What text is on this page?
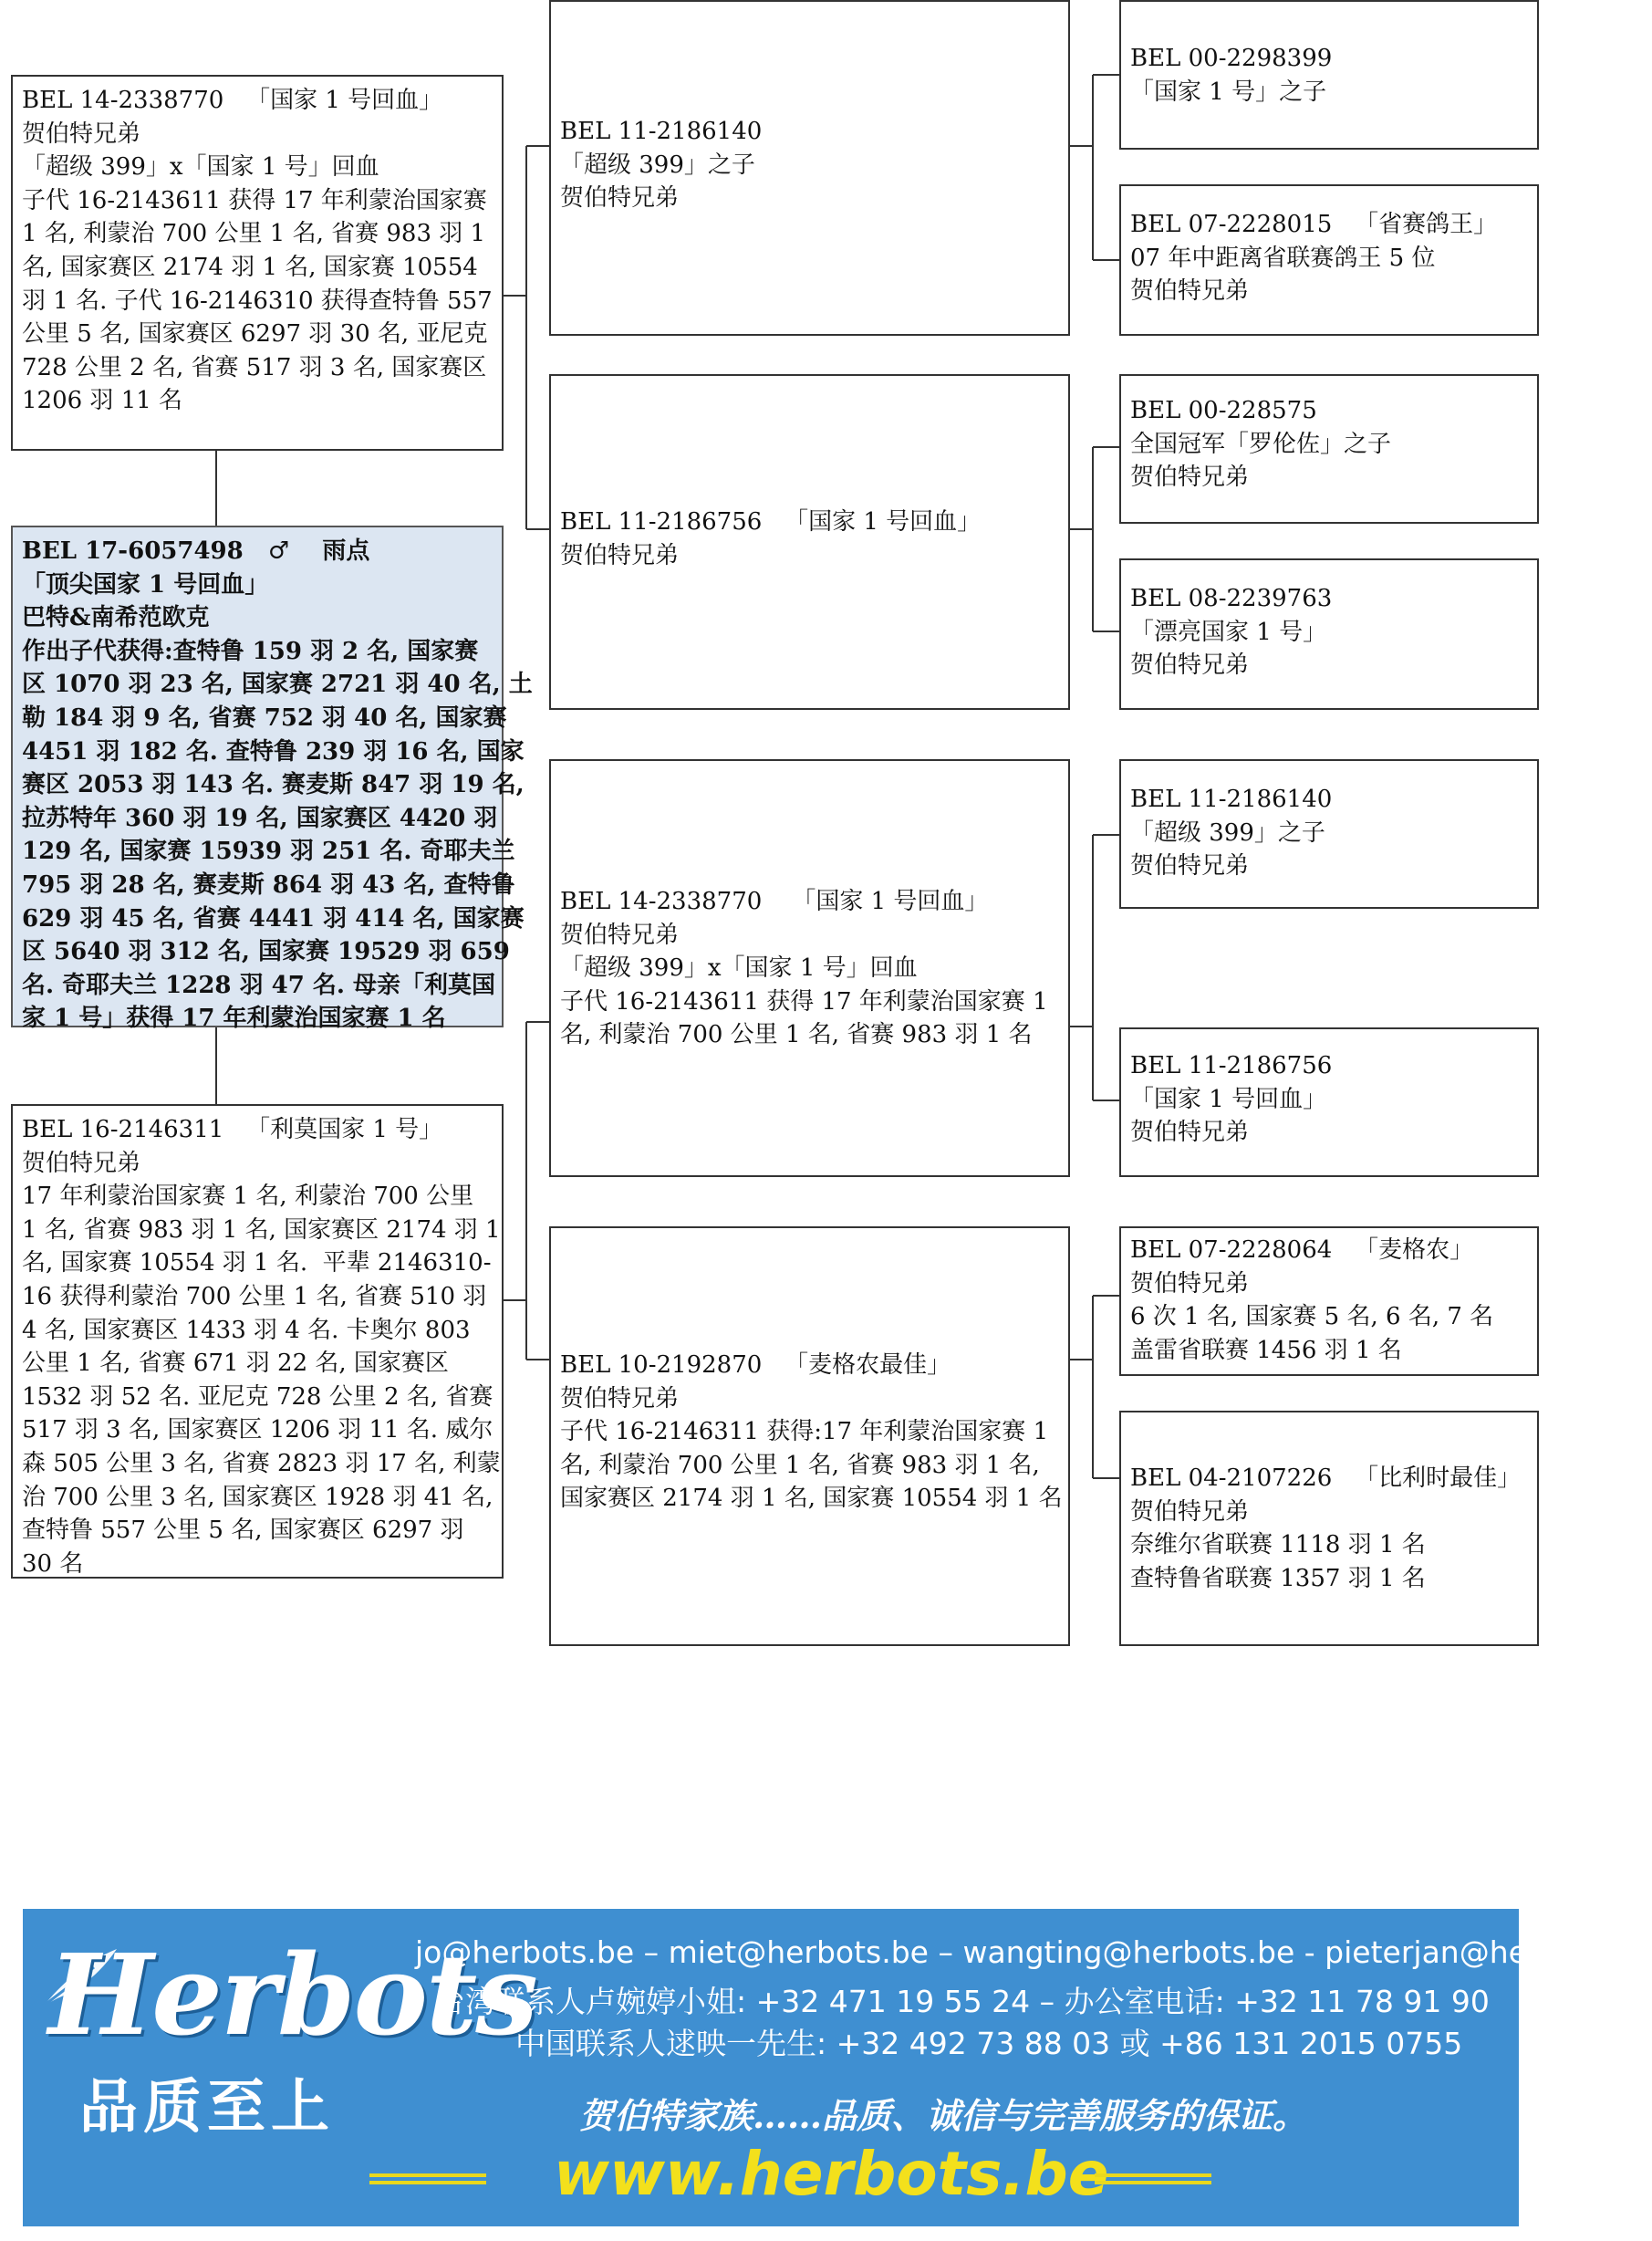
BEL 14-2338770   「国家 1 号回血」
贺伯特兄弟
「超级 399」x「国家 1 号」回血
子代 16-2143611 获得 17 年利蒙治国家赛
1 名, 利蒙治 700 公里 1 名, 省赛 983 羽 1
名, 国家赛区 2174 羽 1 名, 国家赛 10554
羽 1 名. 子代 16-2146310 获得查特鲁 557
公里 5 名, 国家赛区 6297 羽 30 名, 亚尼克
728 公里 2 名, 省赛 517 羽 3 名, 国家赛区
1206 羽 11 名
BEL 17-6057498   ♂    雨点
「顶尖国家 1 号回血」
巴特&南希范欧克
作出子代获得:查特鲁 159 羽 2 名, 国家赛
区 1070 羽 23 名, 国家赛 2721 羽 40 名, 土
勒 184 羽 9 名, 省赛 752 羽 40 名, 国家赛
4451 羽 182 名. 查特鲁 239 羽 16 名, 国家
赛区 2053 羽 143 名. 赛麦斯 847 羽 19 名,
拉苏特年 360 羽 19 名, 国家赛区 4420 羽
129 名, 国家赛 15939 羽 251 名. 奇耶夫兰
795 羽 28 名, 赛麦斯 864 羽 43 名, 查特鲁
629 羽 45 名, 省赛 4441 羽 414 名, 国家赛
区 5640 羽 312 名, 国家赛 19529 羽 659
名. 奇耶夫兰 1228 羽 47 名. 母亲「利莫国
家 1 号」获得 17 年利蒙治国家赛 1 名
BEL 16-2146311   「利莫国家 1 号」
贺伯特兄弟
17 年利蒙治国家赛 1 名, 利蒙治 700 公里
1 名, 省赛 983 羽 1 名, 国家赛区 2174 羽 1
名, 国家赛 10554 羽 1 名.  平辈 2146310-
16 获得利蒙治 700 公里 1 名, 省赛 510 羽
4 名, 国家赛区 1433 羽 4 名. 卡奥尔 803
公里 1 名, 省赛 671 羽 22 名, 国家赛区
1532 羽 52 名. 亚尼克 728 公里 2 名, 省赛
517 羽 3 名, 国家赛区 1206 羽 11 名. 威尔
森 505 公里 3 名, 省赛 2823 羽 17 名, 利蒙
治 700 公里 3 名, 国家赛区 1928 羽 41 名,
查特鲁 557 公里 5 名, 国家赛区 6297 羽
30 名
BEL 11-2186140
「超级 399」之子
贺伯特兄弟
BEL 11-2186756   「国家 1 号回血」
贺伯特兄弟
BEL 14-2338770    「国家 1 号回血」
贺伯特兄弟
「超级 399」x「国家 1 号」回血
子代 16-2143611 获得 17 年利蒙治国家赛 1
名, 利蒙治 700 公里 1 名, 省赛 983 羽 1 名
BEL 10-2192870   「麦格农最佳」
贺伯特兄弟
子代 16-2146311 获得:17 年利蒙治国家赛 1
名, 利蒙治 700 公里 1 名, 省赛 983 羽 1 名,
国家赛区 2174 羽 1 名, 国家赛 10554 羽 1 名
BEL 00-2298399
「国家 1 号」之子
BEL 07-2228015   「省赛鸽王」
07 年中距离省联赛鸽王 5 位
贺伯特兄弟
BEL 00-228575
全国冠军「罗伦佐」之子
贺伯特兄弟
BEL 08-2239763
「漂亮国家 1 号」
贺伯特兄弟
BEL 11-2186140
「超级 399」之子
贺伯特兄弟
BEL 11-2186756
「国家 1 号回血」
贺伯特兄弟
BEL 07-2228064   「麦格农」
贺伯特兄弟
6 次 1 名, 国家赛 5 名, 6 名, 7 名
盖雷省联赛 1456 羽 1 名
BEL 04-2107226   「比利时最佳」
贺伯特兄弟
奈维尔省联赛 1118 羽 1 名
查特鲁省联赛 1357 羽 1 名
Herbots
品质至上
jo@herbots.be – miet@herbots.be – wangting@herbots.be - pieterjan@herbots.be
台湾联系人卢婉婷小姐: +32 471 19 55 24 – 办公室电话: +32 11 78 91 90
中国联系人逑映一先生: +32 492 73 88 03 或 +86 131 2015 0755
贺伯特家族……品质、诚信与完善服务的保证。
www.herbots.be
